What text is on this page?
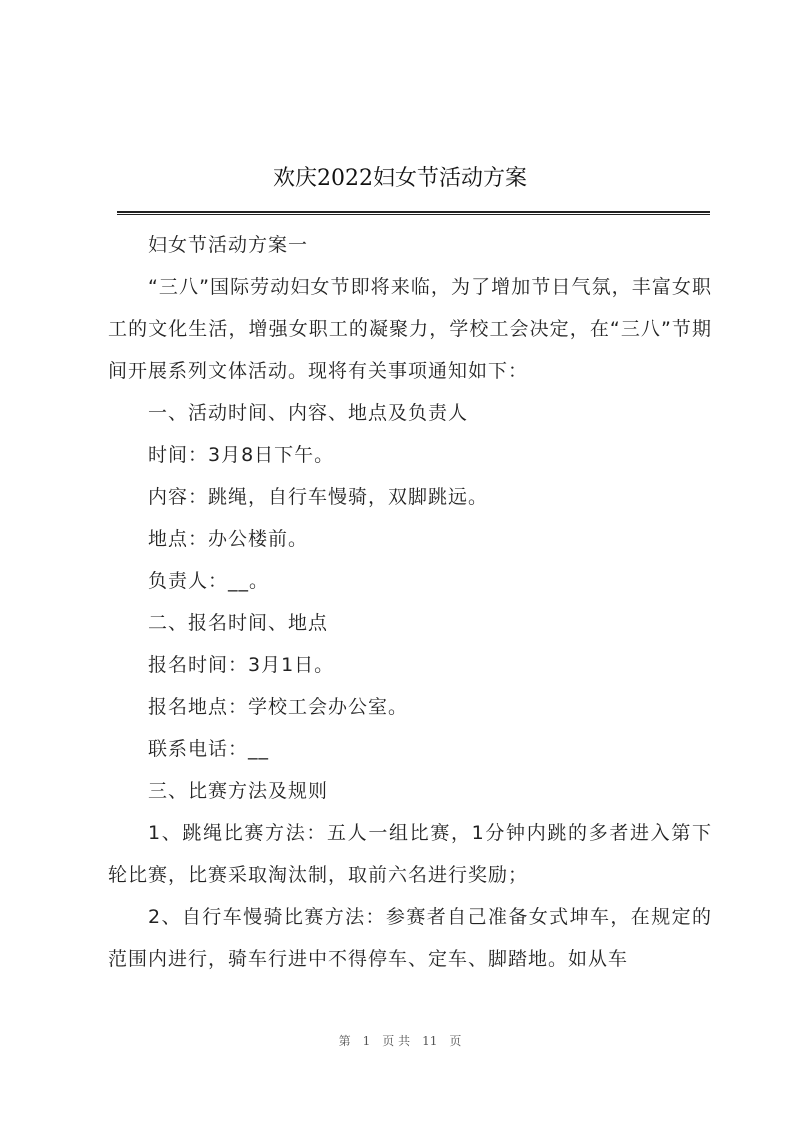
欢庆2022妇女节活动方案

妇女节活动方案一

“三八”国际劳动妇女节即将来临，为了增加节日气氛，丰富女职工的文化生活，增强女职工的凝聚力，学校工会决定，在“三八”节期间开展系列文体活动。现将有关事项通知如下：

一、活动时间、内容、地点及负责人

时间：3月8日下午。

内容：跳绳，自行车慢骑，双脚跳远。

地点：办公楼前。

负责人：__。

二、报名时间、地点

报名时间：3月1日。

报名地点：学校工会办公室。

联系电话：__

三、比赛方法及规则

1、跳绳比赛方法：五人一组比赛，1分钟内跳的多者进入第下轮比赛，比赛采取淘汰制，取前六名进行奖励；

2、自行车慢骑比赛方法：参赛者自己准备女式坤车，在规定的范围内进行，骑车行进中不得停车、定车、脚踏地。如从车

第 1 页 共 11 页
